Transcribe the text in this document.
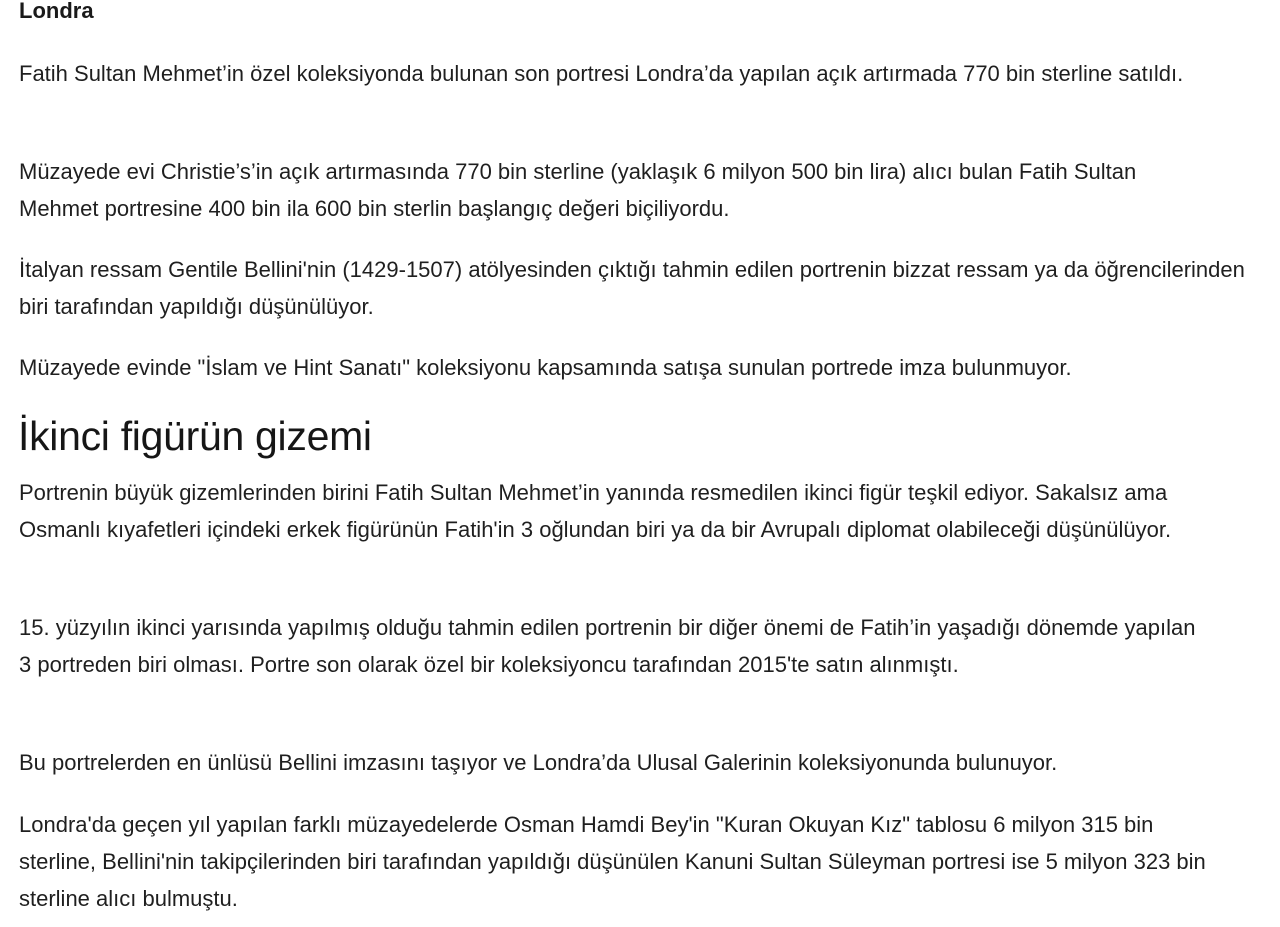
Londra

Fatih Sultan Mehmet’in özel koleksiyonda bulunan son portresi Londra’da yapılan açık artırmada 770 bin sterline satıldı.

Müzayede evi Christie’s’in açık artırmasında 770 bin sterline (yaklaşık 6 milyon 500 bin lira) alıcı bulan Fatih Sultan Mehmet portresine 400 bin ila 600 bin sterlin başlangıç değeri biçiliyordu.

İtalyan ressam Gentile Bellini'nin (1429-1507) atölyesinden çıktığı tahmin edilen portrenin bizzat ressam ya da öğrencilerinden biri tarafından yapıldığı düşünülüyor.

Müzayede evinde "İslam ve Hint Sanatı" koleksiyonu kapsamında satışa sunulan portrede imza bulunmuyor.

İkinci figürün gizemi

Portrenin büyük gizemlerinden birini Fatih Sultan Mehmet’in yanında resmedilen ikinci figür teşkil ediyor. Sakalsız ama Osmanlı kıyafetleri içindeki erkek figürünün Fatih'in 3 oğlundan biri ya da bir Avrupalı diplomat olabileceği düşünülüyor.

15. yüzyılın ikinci yarısında yapılmış olduğu tahmin edilen portrenin bir diğer önemi de Fatih’in yaşadığı dönemde yapılan 3 portreden biri olması. Portre son olarak özel bir koleksiyoncu tarafından 2015'te satın alınmıştı.

Bu portrelerden en ünlüsü Bellini imzasını taşıyor ve Londra’da Ulusal Galerinin koleksiyonunda bulunuyor.

Londra'da geçen yıl yapılan farklı müzayedelerde Osman Hamdi Bey'in "Kuran Okuyan Kız" tablosu 6 milyon 315 bin sterline, Bellini'nin takipçilerinden biri tarafından yapıldığı düşünülen Kanuni Sultan Süleyman portresi ise 5 milyon 323 bin sterline alıcı bulmuştu.
